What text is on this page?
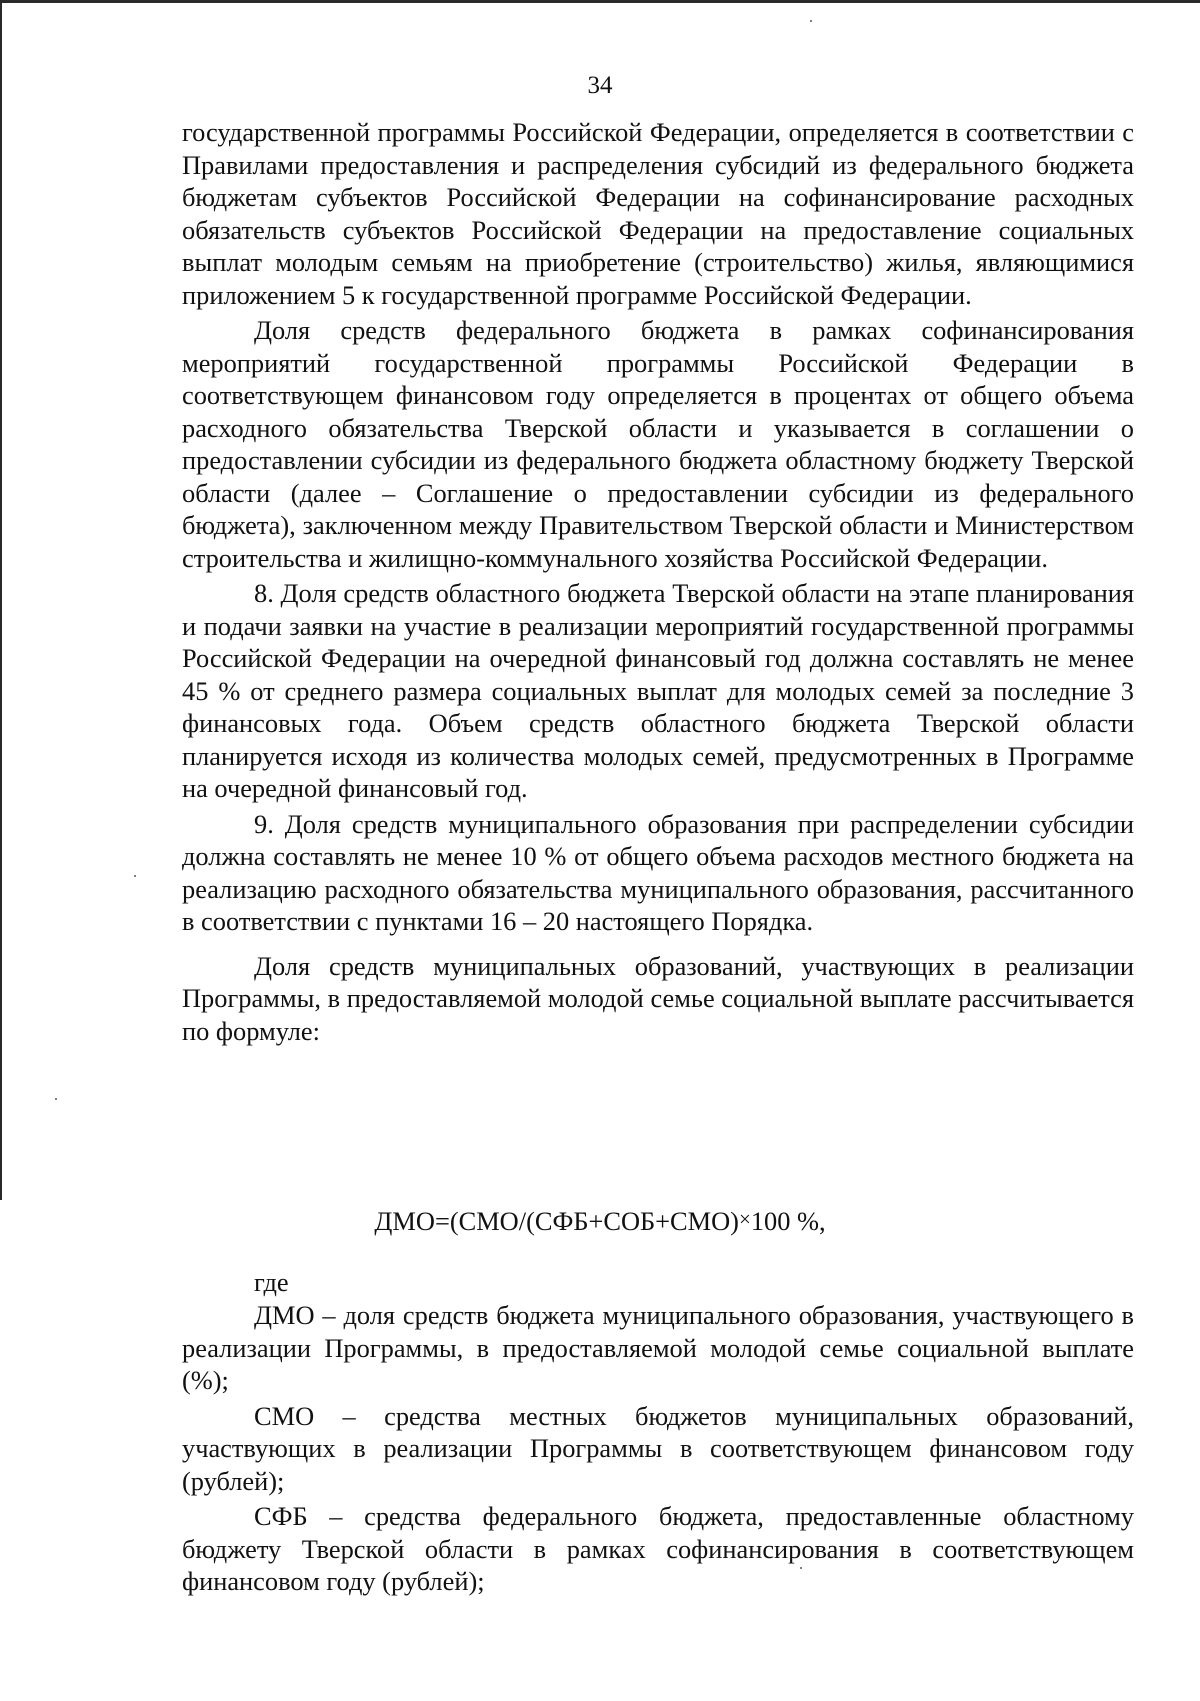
34

государственной программы Российской Федерации, определяется в соответствии с Правилами предоставления и распределения субсидий из федерального бюджета бюджетам субъектов Российской Федерации на софинансирование расходных обязательств субъектов Российской Федерации на предоставление социальных выплат молодым семьям на приобретение (строительство) жилья, являющимися приложением 5 к государственной программе Российской Федерации.

Доля средств федерального бюджета в рамках софинансирования мероприятий государственной программы Российской Федерации в соответствующем финансовом году определяется в процентах от общего объема расходного обязательства Тверской области и указывается в соглашении о предоставлении субсидии из федерального бюджета областному бюджету Тверской области (далее – Соглашение о предоставлении субсидии из федерального бюджета), заключенном между Правительством Тверской области и Министерством строительства и жилищно-коммунального хозяйства Российской Федерации.

8. Доля средств областного бюджета Тверской области на этапе планирования и подачи заявки на участие в реализации мероприятий государственной программы Российской Федерации на очередной финансовый год должна составлять не менее 45 % от среднего размера социальных выплат для молодых семей за последние 3 финансовых года. Объем средств областного бюджета Тверской области планируется исходя из количества молодых семей, предусмотренных в Программе на очередной финансовый год.

9. Доля средств муниципального образования при распределении субсидии должна составлять не менее 10 % от общего объема расходов местного бюджета на реализацию расходного обязательства муниципального образования, рассчитанного в соответствии с пунктами 16 – 20 настоящего Порядка.

Доля средств муниципальных образований, участвующих в реализации Программы, в предоставляемой молодой семье социальной выплате рассчитывается по формуле:

ДМО=(СМО/(СФБ+СОБ+СМО)×100 %,
где

ДМО – доля средств бюджета муниципального образования, участвующего в реализации Программы, в предоставляемой молодой семье социальной выплате (%);

СМО – средства местных бюджетов муниципальных образований, участвующих в реализации Программы в соответствующем финансовом году (рублей);

СФБ – средства федерального бюджета, предоставленные областному бюджету Тверской области в рамках софинансирования в соответствующем финансовом году (рублей);
